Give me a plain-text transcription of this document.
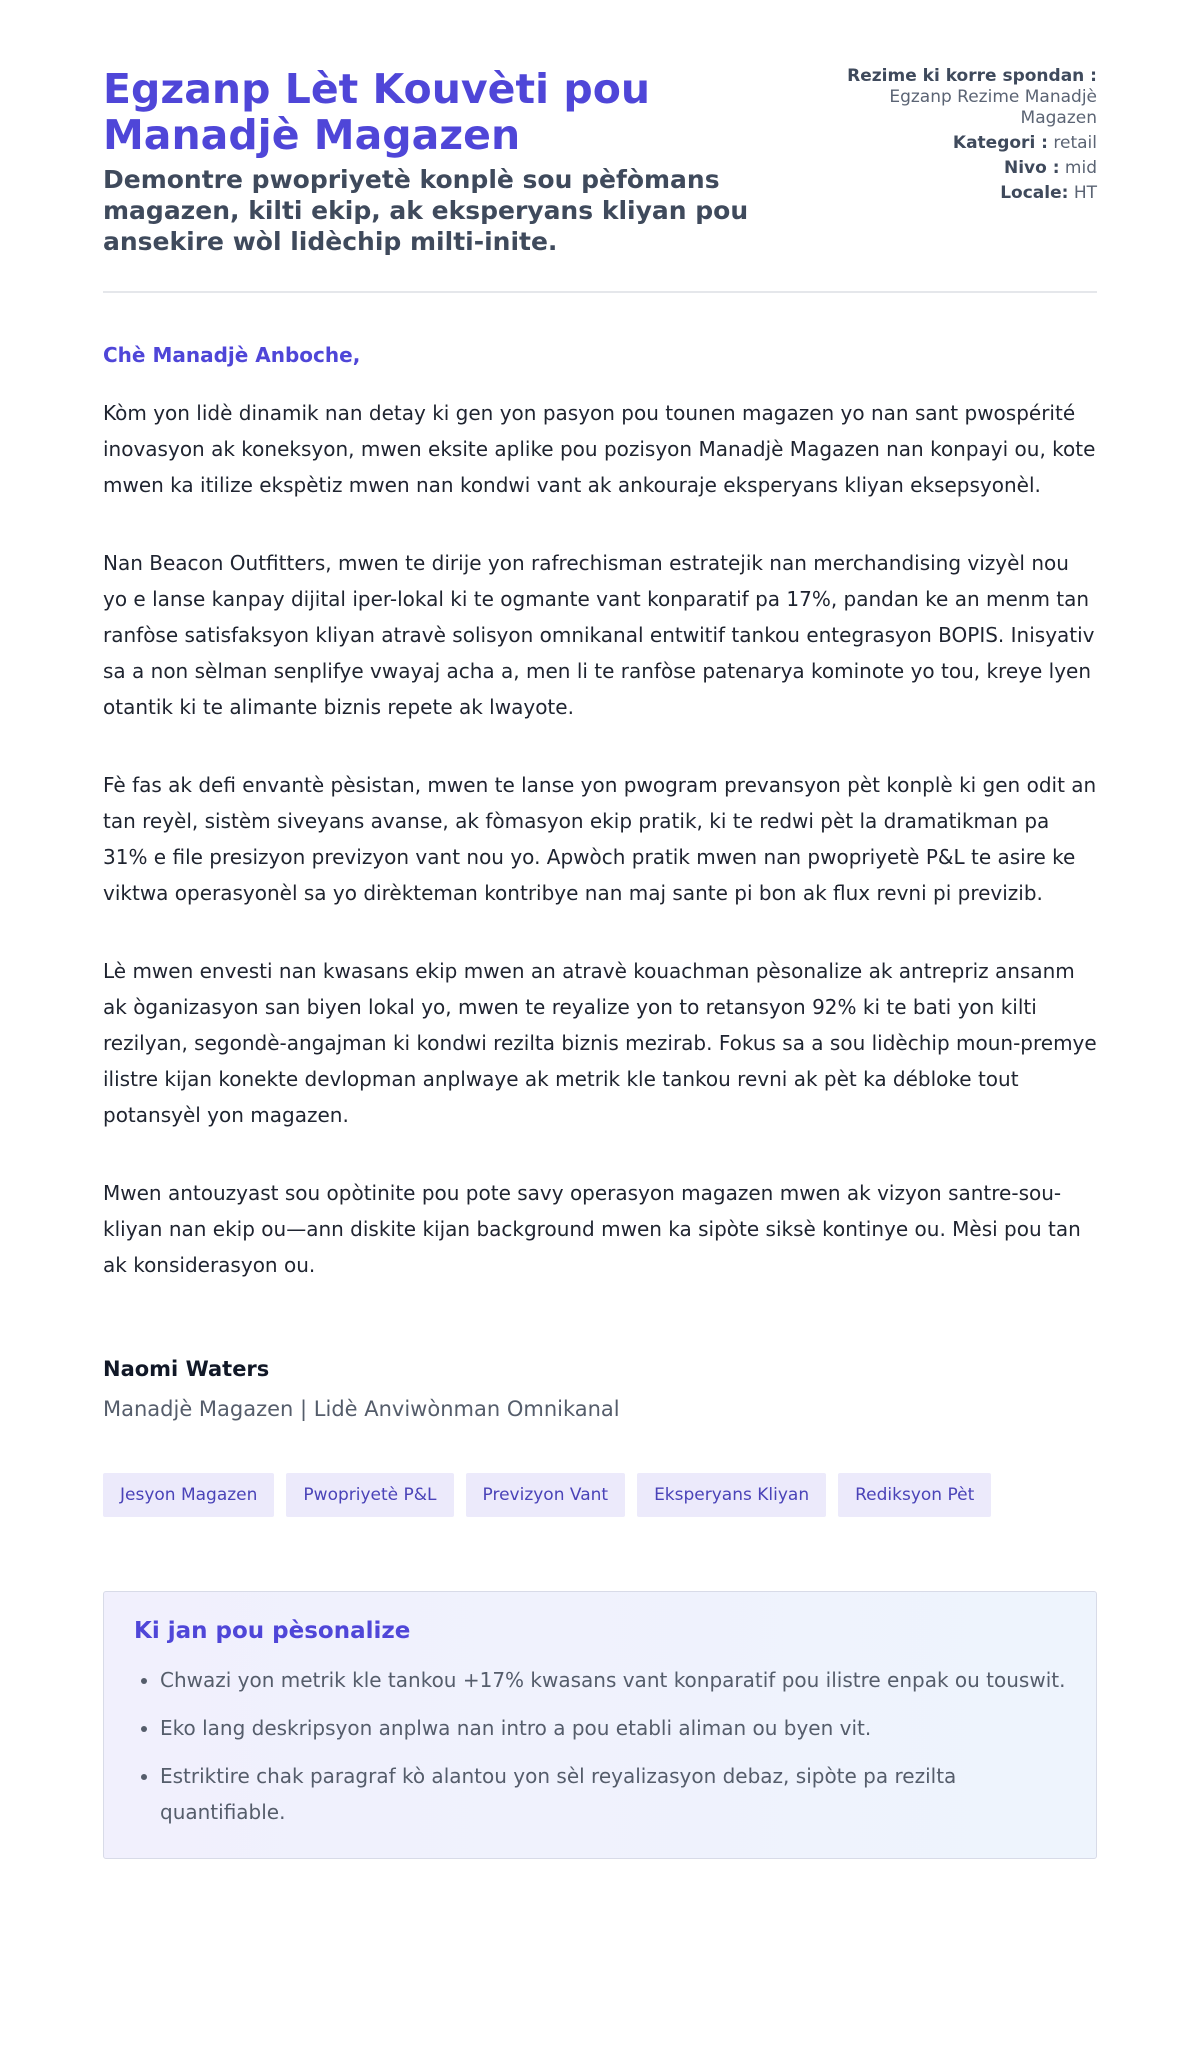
Egzanp Lèt Kouvèti pou Manadjè Magazen

Demontre pwopriyetè konplè sou pèfòmans magazen, kilti ekip, ak eksperyans kliyan pou ansekire wòl lidèchip milti-inite.

Rezime ki korre spondan : Egzanp Rezime Manadjè Magazen
Kategori : retail
Nivo : mid
Locale: HT

Chè Manadjè Anboche,

Kòm yon lidè dinamik nan detay ki gen yon pasyon pou tounen magazen yo nan sant pwospérité inovasyon ak koneksyon, mwen eksite aplike pou pozisyon Manadjè Magazen nan konpayi ou, kote mwen ka itilize ekspètiz mwen nan kondwi vant ak ankouraje eksperyans kliyan eksepsyonèl.

Nan Beacon Outfitters, mwen te dirije yon rafrechisman estratejik nan merchandising vizyèl nou yo e lanse kanpay dijital iper-lokal ki te ogmante vant konparatif pa 17%, pandan ke an menm tan ranfòse satisfaksyon kliyan atravè solisyon omnikanal entwitif tankou entegrasyon BOPIS. Inisyativ sa a non sèlman senplifye vwayaj acha a, men li te ranfòse patenarya kominote yo tou, kreye lyen otantik ki te alimante biznis repete ak lwayote.

Fè fas ak defi envantè pèsistan, mwen te lanse yon pwogram prevansyon pèt konplè ki gen odit an tan reyèl, sistèm siveyans avanse, ak fòmasyon ekip pratik, ki te redwi pèt la dramatikman pa 31% e file presizyon previzyon vant nou yo. Apwòch pratik mwen nan pwopriyetè P&L te asire ke viktwa operasyonèl sa yo dirèkteman kontribye nan maj sante pi bon ak flux revni pi previzib.

Lè mwen envesti nan kwasans ekip mwen an atravè kouachman pèsonalize ak antrepriz ansanm ak òganizasyon san biyen lokal yo, mwen te reyalize yon to retansyon 92% ki te bati yon kilti rezilyan, segondè-angajman ki kondwi rezilta biznis mezirab. Fokus sa a sou lidèchip moun-premye ilistre kijan konekte devlopman anplwaye ak metrik kle tankou revni ak pèt ka débloke tout potansyèl yon magazen.

Mwen antouzyast sou opòtinite pou pote savy operasyon magazen mwen ak vizyon santre-sou-kliyan nan ekip ou—ann diskite kijan background mwen ka sipòte siksè kontinye ou. Mèsi pou tan ak konsiderasyon ou.

Naomi Waters

Manadjè Magazen | Lidè Anviwònman Omnikanal

Jesyon Magazen	Pwopriyetè P&L	Previzyon Vant	Eksperyans Kliyan	Rediksyon Pèt
Ki jan pou pèsonalize
• Chwazi yon metrik kle tankou +17% kwasans vant konparatif pou ilistre enpak ou touswit.
• Eko lang deskripsyon anplwa nan intro a pou etabli aliman ou byen vit.
• Estriktire chak paragraf kò alantou yon sèl reyalizasyon debaz, sipòte pa rezilta quantifiable.
